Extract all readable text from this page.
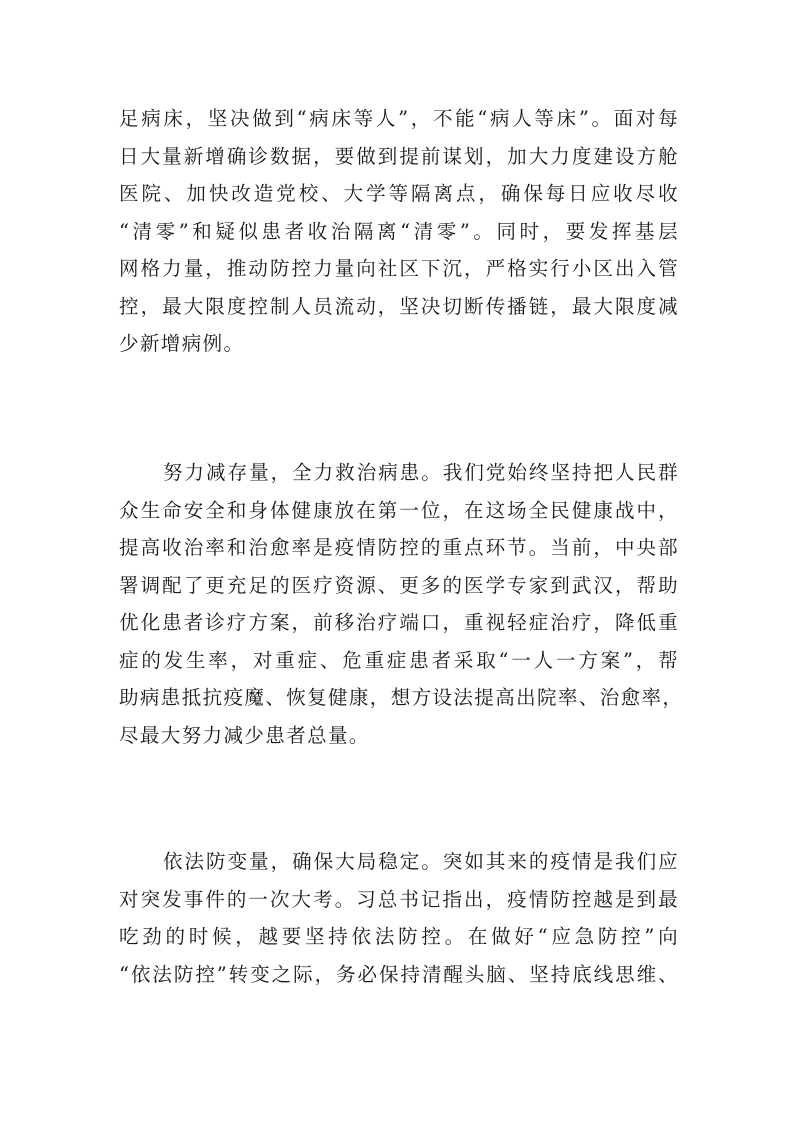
足病床，坚决做到“病床等人”，不能“病人等床”。面对每
日大量新增确诊数据，要做到提前谋划，加大力度建设方舱
医院、加快改造党校、大学等隔离点，确保每日应收尽收
“清零”和疑似患者收治隔离“清零”。同时，要发挥基层
网格力量，推动防控力量向社区下沉，严格实行小区出入管
控，最大限度控制人员流动，坚决切断传播链，最大限度减
少新增病例。
努力减存量，全力救治病患。我们党始终坚持把人民群
众生命安全和身体健康放在第一位，在这场全民健康战中，
提高收治率和治愈率是疫情防控的重点环节。当前，中央部
署调配了更充足的医疗资源、更多的医学专家到武汉，帮助
优化患者诊疗方案，前移治疗端口，重视轻症治疗，降低重
症的发生率，对重症、危重症患者采取“一人一方案”，帮
助病患抵抗疫魔、恢复健康，想方设法提高出院率、治愈率，
尽最大努力减少患者总量。
依法防变量，确保大局稳定。突如其来的疫情是我们应
对突发事件的一次大考。习总书记指出，疫情防控越是到最
吃劲的时候，越要坚持依法防控。在做好“应急防控”向
“依法防控”转变之际，务必保持清醒头脑、坚持底线思维、
